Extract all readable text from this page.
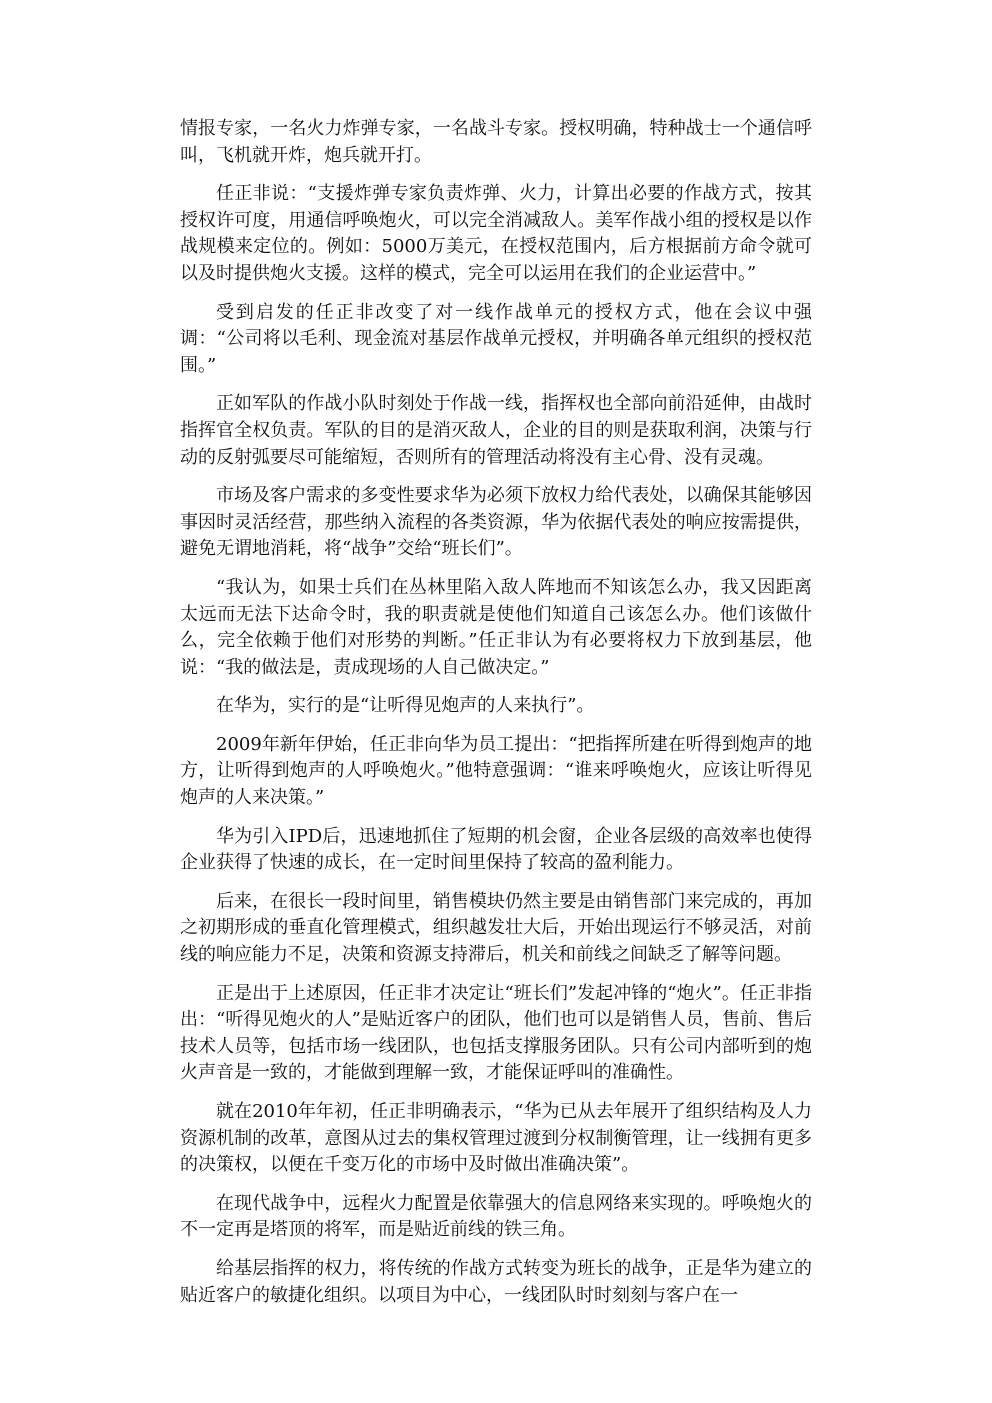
情报专家，一名火力炸弹专家，一名战斗专家。授权明确，特种战士一个通信呼叫，飞机就开炸，炮兵就开打。

任正非说：“支援炸弹专家负责炸弹、火力，计算出必要的作战方式，按其授权许可度，用通信呼唤炮火，可以完全消减敌人。美军作战小组的授权是以作战规模来定位的。例如：5000万美元，在授权范围内，后方根据前方命令就可以及时提供炮火支援。这样的模式，完全可以运用在我们的企业运营中。”

受到启发的任正非改变了对一线作战单元的授权方式，他在会议中强调：“公司将以毛利、现金流对基层作战单元授权，并明确各单元组织的授权范围。”

正如军队的作战小队时刻处于作战一线，指挥权也全部向前沿延伸，由战时指挥官全权负责。军队的目的是消灭敌人，企业的目的则是获取利润，决策与行动的反射弧要尽可能缩短，否则所有的管理活动将没有主心骨、没有灵魂。

市场及客户需求的多变性要求华为必须下放权力给代表处，以确保其能够因事因时灵活经营，那些纳入流程的各类资源，华为依据代表处的响应按需提供，避免无谓地消耗，将“战争”交给“班长们”。

“我认为，如果士兵们在丛林里陷入敌人阵地而不知该怎么办，我又因距离太远而无法下达命令时，我的职责就是使他们知道自己该怎么办。他们该做什么，完全依赖于他们对形势的判断。”任正非认为有必要将权力下放到基层，他说：“我的做法是，责成现场的人自己做决定。”

在华为，实行的是“让听得见炮声的人来执行”。

2009年新年伊始，任正非向华为员工提出：“把指挥所建在听得到炮声的地方，让听得到炮声的人呼唤炮火。”他特意强调：“谁来呼唤炮火，应该让听得见炮声的人来决策。”

华为引入IPD后，迅速地抓住了短期的机会窗，企业各层级的高效率也使得企业获得了快速的成长，在一定时间里保持了较高的盈利能力。

后来，在很长一段时间里，销售模块仍然主要是由销售部门来完成的，再加之初期形成的垂直化管理模式，组织越发壮大后，开始出现运行不够灵活，对前线的响应能力不足，决策和资源支持滞后，机关和前线之间缺乏了解等问题。

正是出于上述原因，任正非才决定让“班长们”发起冲锋的“炮火”。任正非指出：“听得见炮火的人”是贴近客户的团队，他们也可以是销售人员，售前、售后技术人员等，包括市场一线团队，也包括支撑服务团队。只有公司内部听到的炮火声音是一致的，才能做到理解一致，才能保证呼叫的准确性。

就在2010年年初，任正非明确表示，“华为已从去年展开了组织结构及人力资源机制的改革，意图从过去的集权管理过渡到分权制衡管理，让一线拥有更多的决策权，以便在千变万化的市场中及时做出准确决策”。

在现代战争中，远程火力配置是依靠强大的信息网络来实现的。呼唤炮火的不一定再是塔顶的将军，而是贴近前线的铁三角。

给基层指挥的权力，将传统的作战方式转变为班长的战争，正是华为建立的贴近客户的敏捷化组织。以项目为中心，一线团队时时刻刻与客户在一
